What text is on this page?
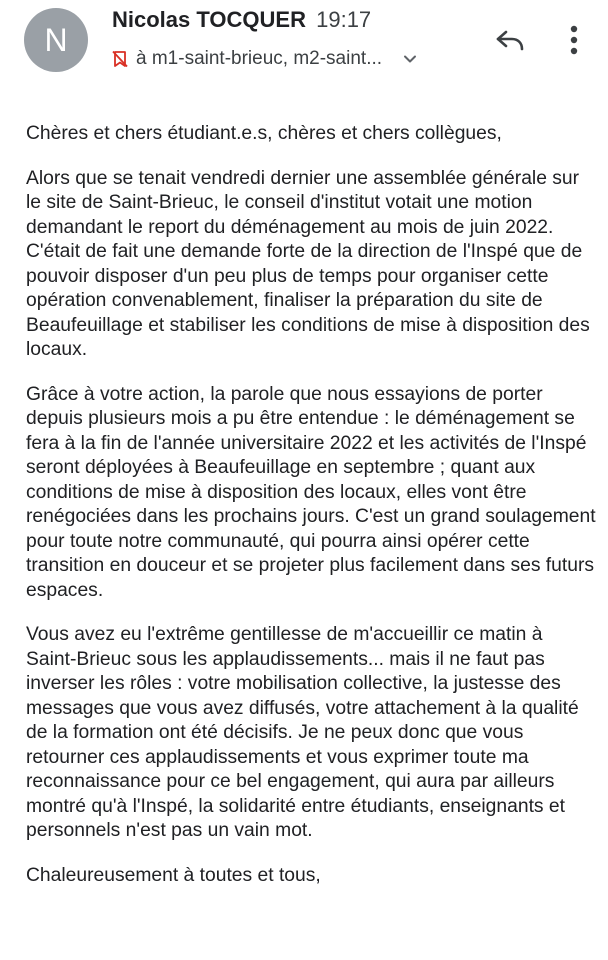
N
Nicolas TOCQUER 19:17
à m1-saint-brieuc, m2-saint...

Chères et chers étudiant.e.s, chères et chers collègues,

Alors que se tenait vendredi dernier une assemblée générale sur le site de Saint-Brieuc, le conseil d'institut votait une motion demandant le report du déménagement au mois de juin 2022. C'était de fait une demande forte de la direction de l'Inspé que de pouvoir disposer d'un peu plus de temps pour organiser cette opération convenablement, finaliser la préparation du site de Beaufeuillage et stabiliser les conditions de mise à disposition des locaux.

Grâce à votre action, la parole que nous essayions de porter depuis plusieurs mois a pu être entendue : le déménagement se fera à la fin de l'année universitaire 2022 et les activités de l'Inspé seront déployées à Beaufeuillage en septembre ; quant aux conditions de mise à disposition des locaux, elles vont être renégociées dans les prochains jours. C'est un grand soulagement pour toute notre communauté, qui pourra ainsi opérer cette transition en douceur et se projeter plus facilement dans ses futurs espaces.

Vous avez eu l'extrême gentillesse de m'accueillir ce matin à Saint-Brieuc sous les applaudissements... mais il ne faut pas inverser les rôles : votre mobilisation collective, la justesse des messages que vous avez diffusés, votre attachement à la qualité de la formation ont été décisifs. Je ne peux donc que vous retourner ces applaudissements et vous exprimer toute ma reconnaissance pour ce bel engagement, qui aura par ailleurs montré qu'à l'Inspé, la solidarité entre étudiants, enseignants et personnels n'est pas un vain mot.

Chaleureusement à toutes et tous,
